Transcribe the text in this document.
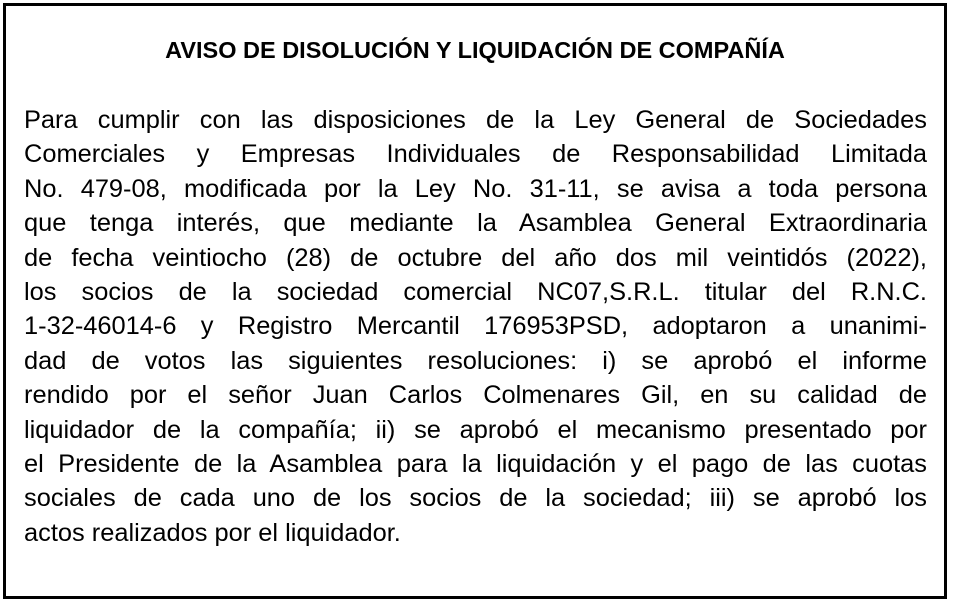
AVISO DE DISOLUCIÓN Y LIQUIDACIÓN DE COMPAÑÍA
Para cumplir con las disposiciones de la Ley General de Sociedades
Comerciales y Empresas Individuales de Responsabilidad Limitada
No. 479-08, modificada por la Ley No. 31-11, se avisa a toda persona
que tenga interés, que mediante la Asamblea General Extraordinaria
de fecha veintiocho (28) de octubre del año dos mil veintidós (2022),
los socios de la sociedad comercial NC07,S.R.L. titular del R.N.C.
1-32-46014-6 y Registro Mercantil 176953PSD, adoptaron a unanimi-
dad de votos las siguientes resoluciones: i) se aprobó el informe
rendido por el señor Juan Carlos Colmenares Gil, en su calidad de
liquidador de la compañía; ii) se aprobó el mecanismo presentado por
el Presidente de la Asamblea para la liquidación y el pago de las cuotas
sociales de cada uno de los socios de la sociedad; iii) se aprobó los
actos realizados por el liquidador.
